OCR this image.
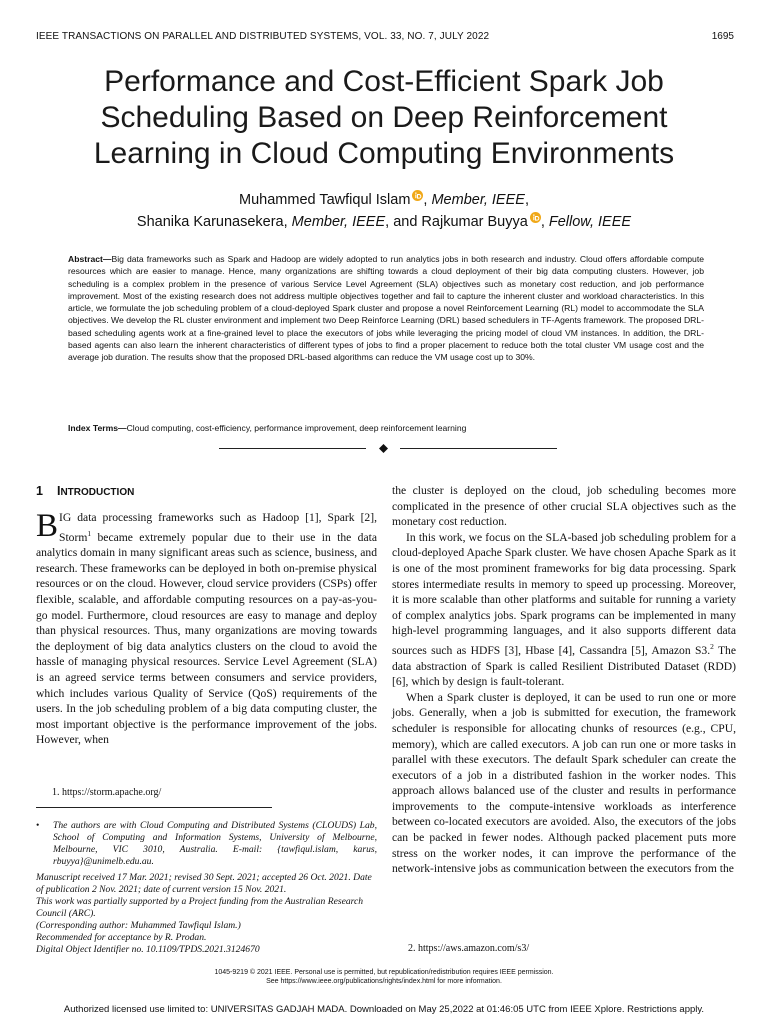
IEEE TRANSACTIONS ON PARALLEL AND DISTRIBUTED SYSTEMS, VOL. 33, NO. 7, JULY 2022	1695
Performance and Cost-Efficient Spark Job
Scheduling Based on Deep Reinforcement
Learning in Cloud Computing Environments
Muhammed Tawfiqul Islam , Member, IEEE,
Shanika Karunasekera, Member, IEEE, and Rajkumar Buyya , Fellow, IEEE
Abstract—Big data frameworks such as Spark and Hadoop are widely adopted to run analytics jobs in both research and industry. Cloud offers affordable compute resources which are easier to manage. Hence, many organizations are shifting towards a cloud deployment of their big data computing clusters. However, job scheduling is a complex problem in the presence of various Service Level Agreement (SLA) objectives such as monetary cost reduction, and job performance improvement. Most of the existing research does not address multiple objectives together and fail to capture the inherent cluster and workload characteristics. In this article, we formulate the job scheduling problem of a cloud-deployed Spark cluster and propose a novel Reinforcement Learning (RL) model to accommodate the SLA objectives. We develop the RL cluster environment and implement two Deep Reinforce Learning (DRL) based schedulers in TF-Agents framework. The proposed DRL-based scheduling agents work at a fine-grained level to place the executors of jobs while leveraging the pricing model of cloud VM instances. In addition, the DRL-based agents can also learn the inherent characteristics of different types of jobs to find a proper placement to reduce both the total cluster VM usage cost and the average job duration. The results show that the proposed DRL-based algorithms can reduce the VM usage cost up to 30%.
Index Terms—Cloud computing, cost-efficiency, performance improvement, deep reinforcement learning
1 INTRODUCTION

BIG data processing frameworks such as Hadoop [1], Spark [2], Storm$^1$ became extremely popular due to their use in the data analytics domain in many significant areas such as science, business, and research. These frameworks can be deployed in both on-premise physical resources or on the cloud. However, cloud service providers (CSPs) offer flexible, scalable, and affordable computing resources on a pay-as-you-go model. Furthermore, cloud resources are easy to manage and deploy than physical resources. Thus, many organizations are moving towards the deployment of big data analytics clusters on the cloud to avoid the hassle of managing physical resources. Service Level Agreement (SLA) is an agreed service terms between consumers and service providers, which includes various Quality of Service (QoS) requirements of the users. In the job scheduling problem of a big data computing cluster, the most important objective is the performance improvement of the jobs. However, when

the cluster is deployed on the cloud, job scheduling becomes more complicated in the presence of other crucial SLA objectives such as the monetary cost reduction.

In this work, we focus on the SLA-based job scheduling problem for a cloud-deployed Apache Spark cluster. We have chosen Apache Spark as it is one of the most prominent frameworks for big data processing. Spark stores intermediate results in memory to speed up processing. Moreover, it is more scalable than other platforms and suitable for running a variety of complex analytics jobs. Spark programs can be implemented in many high-level programming languages, and it also supports different data sources such as HDFS [3], Hbase [4], Cassandra [5], Amazon S3.$^2$ The data abstraction of Spark is called Resilient Distributed Dataset (RDD) [6], which by design is fault-tolerant.

When a Spark cluster is deployed, it can be used to run one or more jobs. Generally, when a job is submitted for execution, the framework scheduler is responsible for allocating chunks of resources (e.g., CPU, memory), which are called executors. A job can run one or more tasks in parallel with these executors. The default Spark scheduler can create the executors of a job in a distributed fashion in the worker nodes. This approach allows balanced use of the cluster and results in performance improvements to the compute-intensive workloads as interference between co-located executors are avoided. Also, the executors of the jobs can be packed in fewer nodes. Although packed placement puts more stress on the worker nodes, it can improve the performance of the network-intensive jobs as communication between the executors from the

1. https://storm.apache.org/
•	The authors are with Cloud Computing and Distributed Systems (CLOUDS) Lab, School of Computing and Information Systems, University of Melbourne, Melbourne, VIC 3010, Australia. E-mail: {tawfiqul.islam, karus, rbuyya}@unimelb.edu.au.
Manuscript received 17 Mar. 2021; revised 30 Sept. 2021; accepted 26 Oct. 2021. Date of publication 2 Nov. 2021; date of current version 15 Nov. 2021.
This work was partially supported by a Project funding from the Australian Research Council (ARC).
(Corresponding author: Muhammed Tawfiqul Islam.)
Recommended for acceptance by R. Prodan.
Digital Object Identifier no. 10.1109/TPDS.2021.3124670	2. https://aws.amazon.com/s3/
1045-9219 © 2021 IEEE. Personal use is permitted, but republication/redistribution requires IEEE permission.
See https://www.ieee.org/publications/rights/index.html for more information.
Authorized licensed use limited to: UNIVERSITAS GADJAH MADA. Downloaded on May 25,2022 at 01:46:05 UTC from IEEE Xplore. Restrictions apply.
